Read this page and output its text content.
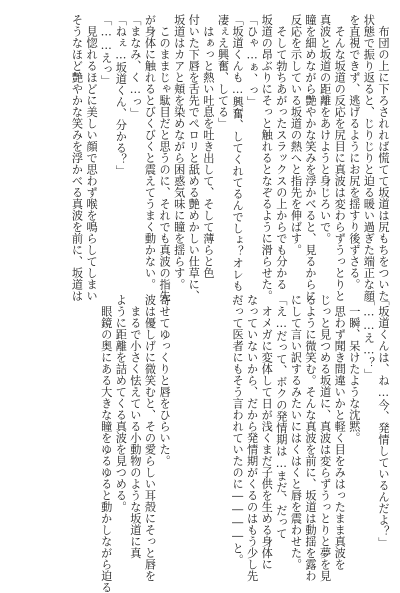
　布団の上に下ろされれば慌てて坂道は尻もちをついた
状態で振り返ると、じりじりと迫る暖い過ぎた端正な顔
を直視できず、逃げるようにお尻を揺すり後ずさる。
　そんな坂道の反応を尻目に真波は変わらずうっとりと
真波と坂道の距離をあけようと身じろいで。
瞳を細めながら艶やかな笑みを浮かべると、見るからに
反応を示している坂道の熱へと指先を伸ばす。
　そして勃ちあがったスラックスの上からでも分かる
坂道の昂ぶりにそっと触れるとなぞるように滑らせた。
「ひゃ…ぁ、っ」
「坂道くんも…興奮、してくれてるんでしょ？オレも…
凄ぇえ興奮、してる」
　はぁっと熱い吐息を吐き出して、そして薄らと色
付いた下唇を舌先でぺロリと舐める艶めかしい仕草に、
坂道はカアと頬を染めながら困惑気味に瞳を揺らす。
　このままじゃ駄目だと思うのに、それでも真波の指先
が身体に触れるとびくびくと震えてうまく動かない。
「まなみ、く…っ」
「ねぇ…坂道くん、分かる？」
「……えっ」
　見惚れるほどに美しい顔で思わず喉を鳴らしてしまい
そうなほど艶やかな笑みを浮かべる真波を前に、坂道は
「坂道くんは、ね…今、発情しているんだよ？」
「……え…？」
　一瞬、呆けたような沈黙。
　思わず聞き間違いかと軽く目をみはったまま真波を
じっと見つめる坂道に、真波は変らずうっとりと夢を見
るように微笑む。そんな真波を前に、坂道は動揺を露わ
にして言い訳するみたいにはくはくと唇を震わせた。
「え…だって、ボクの発情期は…まだ、だって
　オメガに変体して日が浅くまだ子供を生める身体に
なっていないから、だから発情期がくるのはもう少し先
だって医者にもそう言われていたのに――――と。

寄せてゆっくりと唇をひらいた。
波は優しげに微笑むと、その愛らしい耳殻にそっと唇を
　まるで小さく怯えている小動物のような坂道に真
ように距離を詰めてくる真波を見つめる。
　眼鏡の奥にある大きな瞳をゆるゆると動かしながら迫る
